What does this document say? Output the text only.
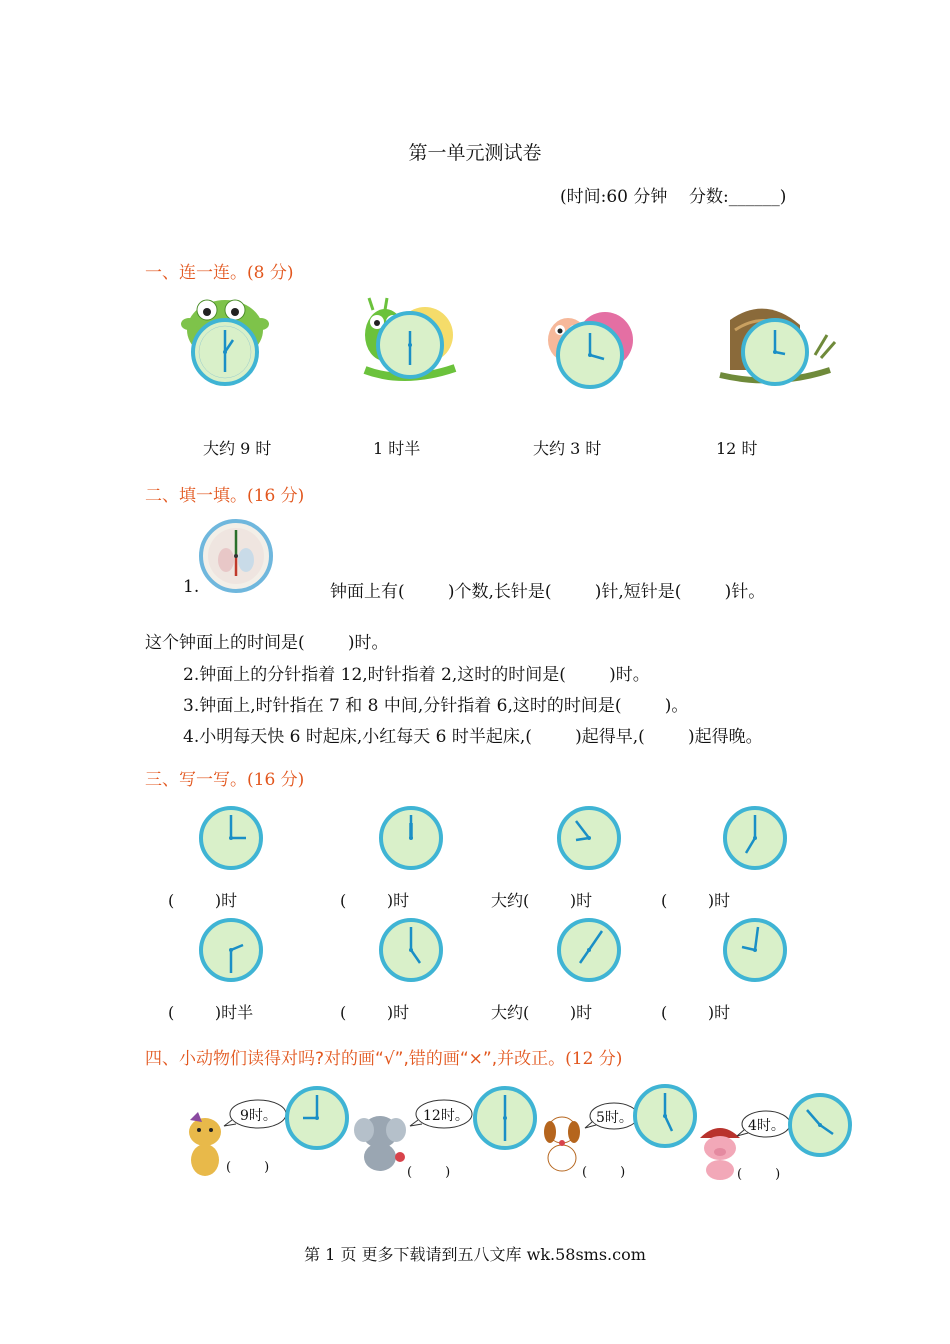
第一单元测试卷
(时间:60 分钟    分数:______)
一、连一连。(8 分)
大约 9 时	1 时半	大约 3 时	12 时
二、填一填。(16 分)
1.	钟面上有(        )个数,长针是(        )针,短针是(        )针。
这个钟面上的时间是(        )时。
2.钟面上的分针指着 12,时针指着 2,这时的时间是(        )时。
3.钟面上,时针指在 7 和 8 中间,分针指着 6,这时的时间是(        )。
4.小明每天快 6 时起床,小红每天 6 时半起床,(        )起得早,(        )起得晚。
三、写一写。(16 分)
(        )时	(        )时	大约(        )时	(        )时
(        )时半	(        )时	大约(        )时	(        )时
四、小动物们读得对吗?对的画“√”,错的画“×”,并改正。(12 分)
9时。
(        )
12时。
(        )
5时。
(        )
4时。
(        )
第 1 页 更多下载请到五八文库 wk.58sms.com
